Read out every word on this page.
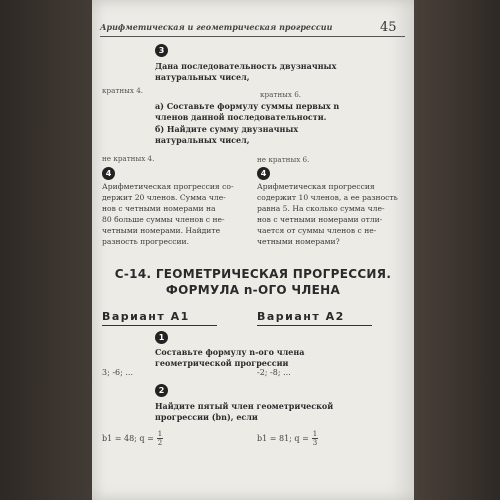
Арифметическая и геометрическая прогрессии	45
3
Дана последовательность двузначных
натуральных чисел,
кратных 4.	кратных 6.
а) Составьте формулу суммы первых n
членов данной последовательности.
б) Найдите сумму двузначных
натуральных чисел,
не кратных 4.	не кратных 6.
4	4
Арифметическая прогрессия со-
держит 20 членов. Сумма чле-
нов с четными номерами на
80 больше суммы членов с не-
четными номерами. Найдите
разность прогрессии.
Арифметическая прогрессия
содержит 10 членов, а ее разность
равна 5. На сколько сумма чле-
нов с четными номерами отли-
чается от суммы членов с не-
четными номерами?
С-14. ГЕОМЕТРИЧЕСКАЯ ПРОГРЕССИЯ.
ФОРМУЛА n-ОГО ЧЛЕНА
Вариант А1	Вариант А2
1
Составьте формулу n-ого члена
геометрической прогрессии
3; -6; ...	-2; -8; ...
2
Найдите пятый член геометрической
прогрессии (bn), если
b1 = 48; $q = \frac{1}{2}$	b1 = 81; $q = \frac{1}{3}$
